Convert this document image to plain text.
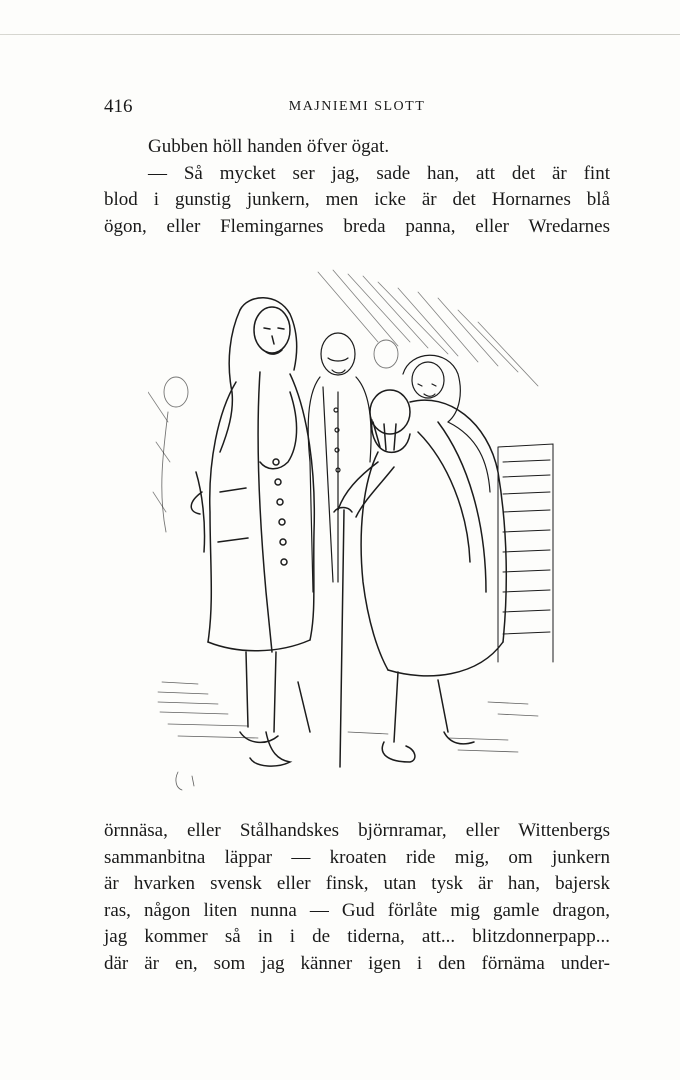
416	MAJNIEMI SLOTT
Gubben höll handen öfver ögat.
— Så mycket ser jag, sade han, att det är fint
blod i gunstig junkern, men icke är det Hornarnes blå
ögon, eller Flemingarnes breda panna, eller Wredarnes
örnnäsa, eller Stålhandskes björnramar, eller Wittenbergs
sammanbitna läppar — kroaten ride mig, om junkern
är hvarken svensk eller finsk, utan tysk är han, bajersk
ras, någon liten nunna — Gud förlåte mig gamle dragon,
jag kommer så in i de tiderna, att... blitzdonnerpapp...
där är en, som jag känner igen i den förnäma under-
